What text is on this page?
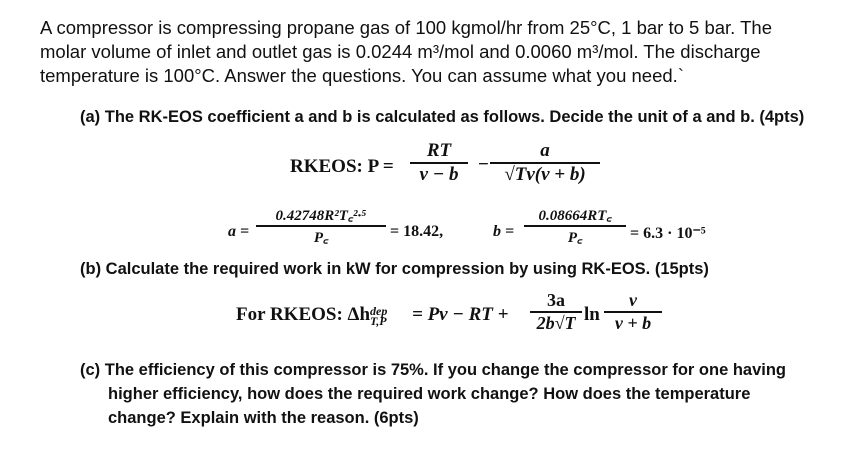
A compressor is compressing propane gas of 100 kgmol/hr from 25°C, 1 bar to 5 bar. The
molar volume of inlet and outlet gas is 0.0244 m³/mol and 0.0060 m³/mol. The discharge
temperature is 100°C. Answer the questions. You can assume what you need.`
(a) The RK-EOS coefficient a and b is calculated as follows. Decide the unit of a and b. (4pts)
RKEOS: P =
RT
v − b	−
a
√Tv(v + b)
a =
0.42748R²T꜀²·⁵
P꜀	= 18.42,	b =
0.08664RT꜀
P꜀	= 6.3 · 10⁻⁵
(b) Calculate the required work in kW for compression by using RK-EOS. (15pts)
For RKEOS: Δh dep
T,P = Pv − RT +
3a
2b√T ln
v
v + b
(c) The efficiency of this compressor is 75%. If you change the compressor for one having
higher efficiency, how does the required work change? How does the temperature
change? Explain with the reason. (6pts)
